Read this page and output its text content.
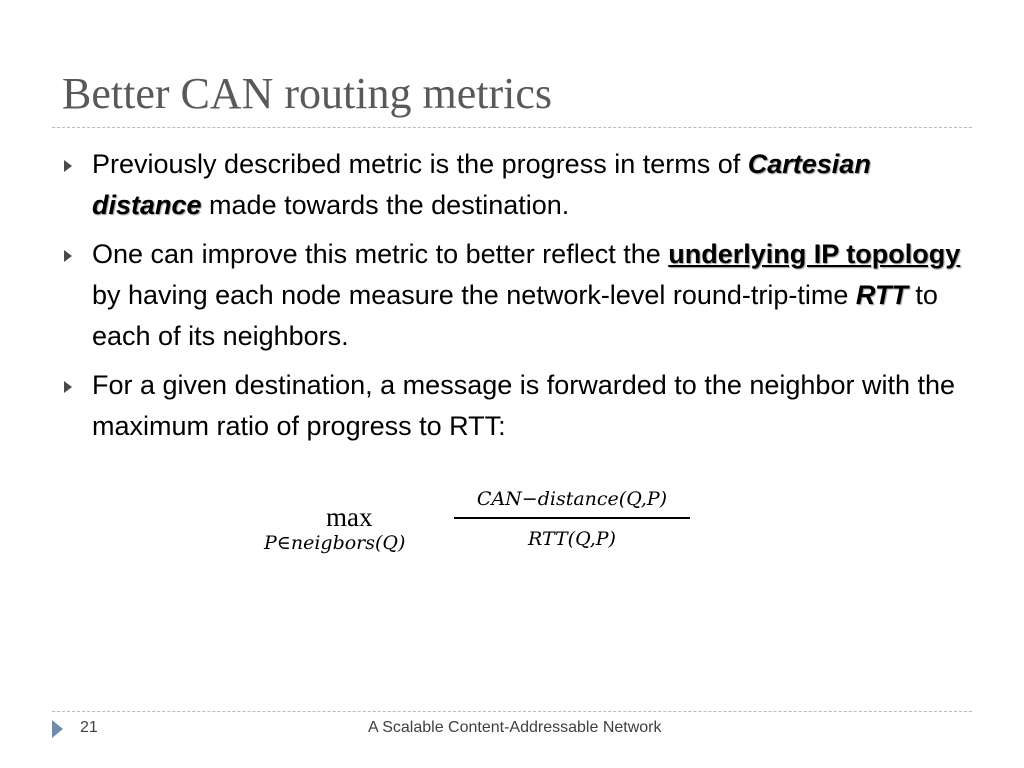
Better CAN routing metrics
Previously described metric is the progress in terms of Cartesian distance made towards the destination.
One can improve this metric to better reflect the underlying IP topology by having each node measure the network-level round-trip-time RTT to each of its neighbors.
For a given destination, a message is forwarded to the neighbor with the maximum ratio of progress to RTT:
max
P∈neigbors(Q)
CAN−distance(Q,P)
RTT(Q,P)
21	A Scalable Content-Addressable Network
